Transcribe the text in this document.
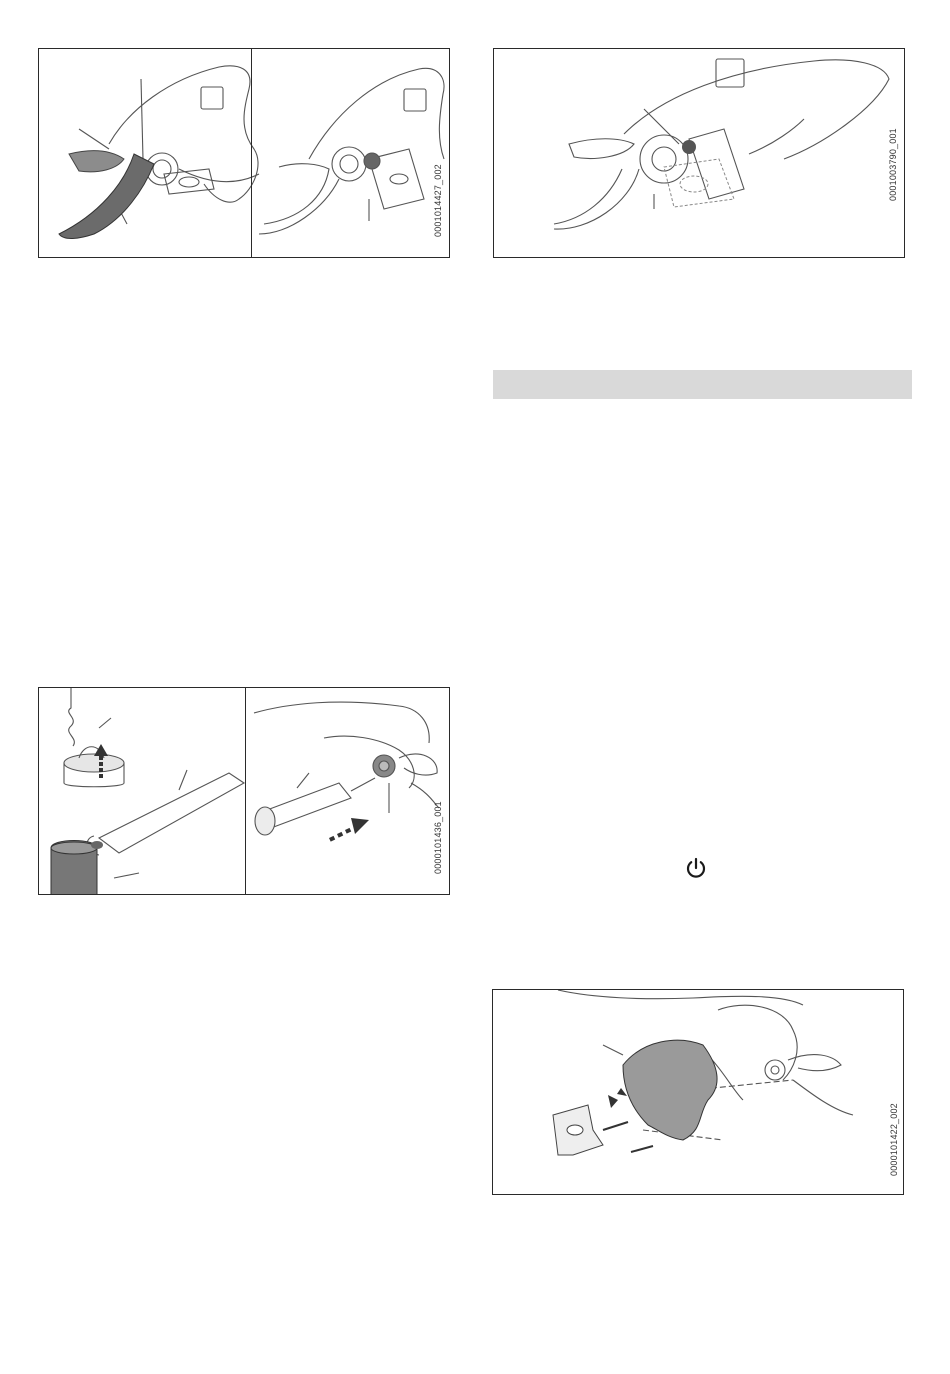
0001014427_002	0001003790_001
0000101436_001
0000101422_002
